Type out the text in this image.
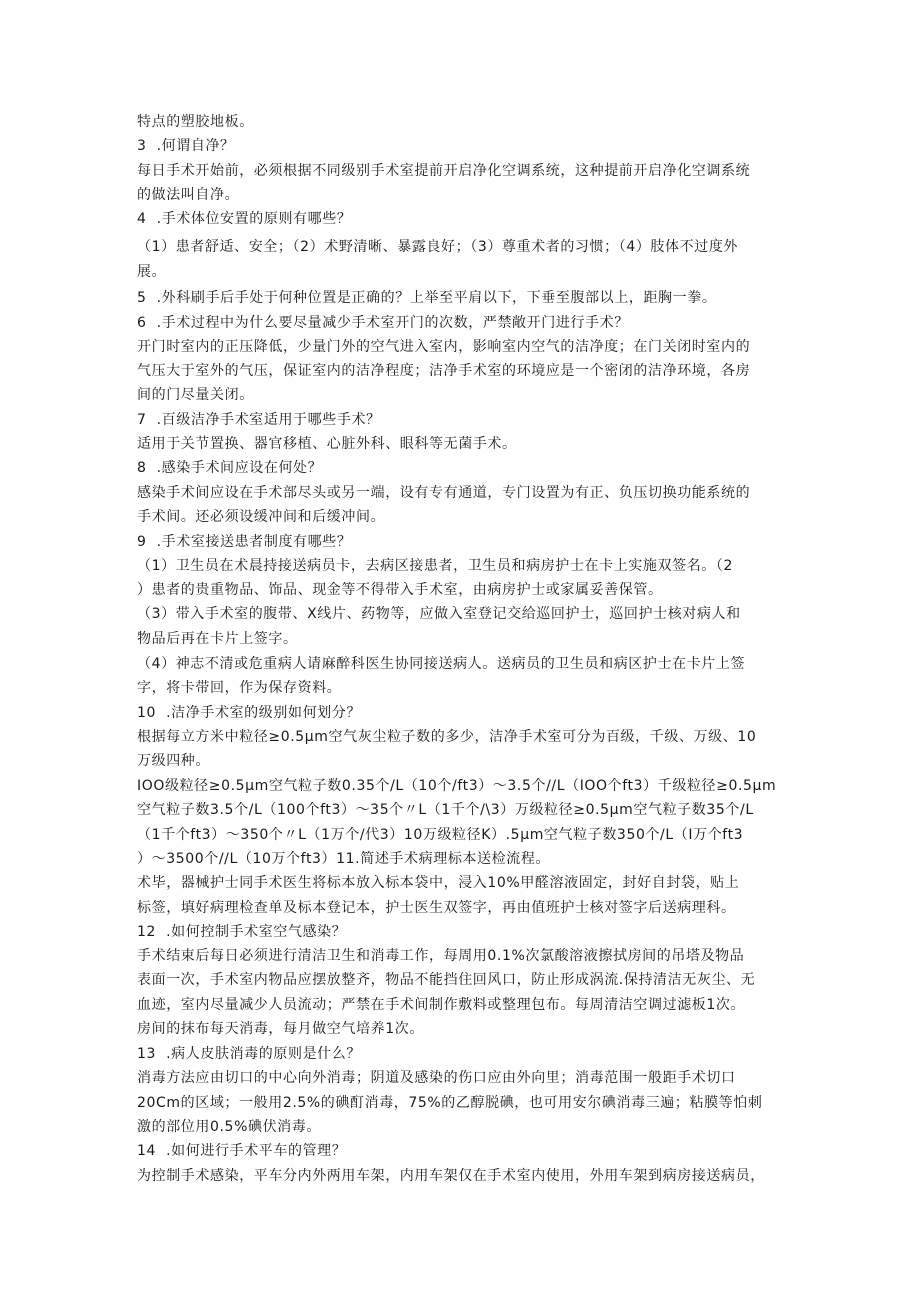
特点的塑胶地板。
3  .何谓自净？
每日手术开始前，必须根据不同级别手术室提前开启净化空调系统，这种提前开启净化空调系统
的做法叫自净。
4  .手术体位安置的原则有哪些？
（1）患者舒适、安全；（2）术野清晰、暴露良好；（3）尊重术者的习惯；（4）肢体不过度外
展。
5  .外科刷手后手处于何种位置是正确的？上举至平肩以下，下垂至腹部以上，距胸一拳。
6  .手术过程中为什么要尽量减少手术室开门的次数，严禁敞开门进行手术？
开门时室内的正压降低，少量门外的空气进入室内，影响室内空气的洁净度；在门关闭时室内的
气压大于室外的气压，保证室内的洁净程度；洁净手术室的环境应是一个密闭的洁净环境，各房
间的门尽量关闭。
7  .百级洁净手术室适用于哪些手术？
适用于关节置换、器官移植、心脏外科、眼科等无菌手术。
8  .感染手术间应设在何处？
感染手术间应设在手术部尽头或另一端，设有专有通道，专门设置为有正、负压切换功能系统的
手术间。还必须设缓冲间和后缓冲间。
9  .手术室接送患者制度有哪些？
（1）卫生员在术晨持接送病员卡，去病区接患者，卫生员和病房护士在卡上实施双签名。（2
）患者的贵重物品、饰品、现金等不得带入手术室，由病房护士或家属妥善保管。
（3）带入手术室的腹带、X线片、药物等，应做入室登记交给巡回护士，巡回护士核对病人和
物品后再在卡片上签字。
（4）神志不清或危重病人请麻醉科医生协同接送病人。送病员的卫生员和病区护士在卡片上签
字，将卡带回，作为保存资料。
10  .洁净手术室的级别如何划分？
根据每立方米中粒径≥0.5μm空气灰尘粒子数的多少，洁净手术室可分为百级，千级、万级、10
万级四种。
IOO级粒径≥0.5μm空气粒子数0.35个/L（10个/ft3）～3.5个//L（IOO个ft3）千级粒径≥0.5μm
空气粒子数3.5个/L（100个ft3）～35个〃L（1千个/\3）万级粒径≥0.5μm空气粒子数35个/L
（1千个ft3）～350个〃L（1万个/代3）10万级粒径K）.5μm空气粒子数350个/L（I万个ft3
）～3500个//L（10万个ft3）11.简述手术病理标本送检流程。
术毕，器械护士同手术医生将标本放入标本袋中，浸入10%甲醛溶液固定，封好自封袋，贴上
标签，填好病理检查单及标本登记本，护士医生双签字，再由值班护士核对签字后送病理科。
12  .如何控制手术室空气感染？
手术结束后每日必须进行清洁卫生和消毒工作，每周用0.1%次氯酸溶液擦拭房间的吊塔及物品
表面一次，手术室内物品应摆放整齐，物品不能挡住回风口，防止形成涡流.保持清洁无灰尘、无
血迹，室内尽量减少人员流动；严禁在手术间制作敷料或整理包布。每周清洁空调过滤板1次。
房间的抹布每天消毒，每月做空气培养1次。
13  .病人皮肤消毒的原则是什么？
消毒方法应由切口的中心向外消毒；阴道及感染的伤口应由外向里；消毒范围一般距手术切口
20Cm的区域；一般用2.5%的碘酊消毒，75%的乙醇脱碘，也可用安尔碘消毒三遍；粘膜等怕刺
激的部位用0.5%碘伏消毒。
14  .如何进行手术平车的管理？
为控制手术感染，平车分内外两用车架，内用车架仅在手术室内使用，外用车架到病房接送病员，
